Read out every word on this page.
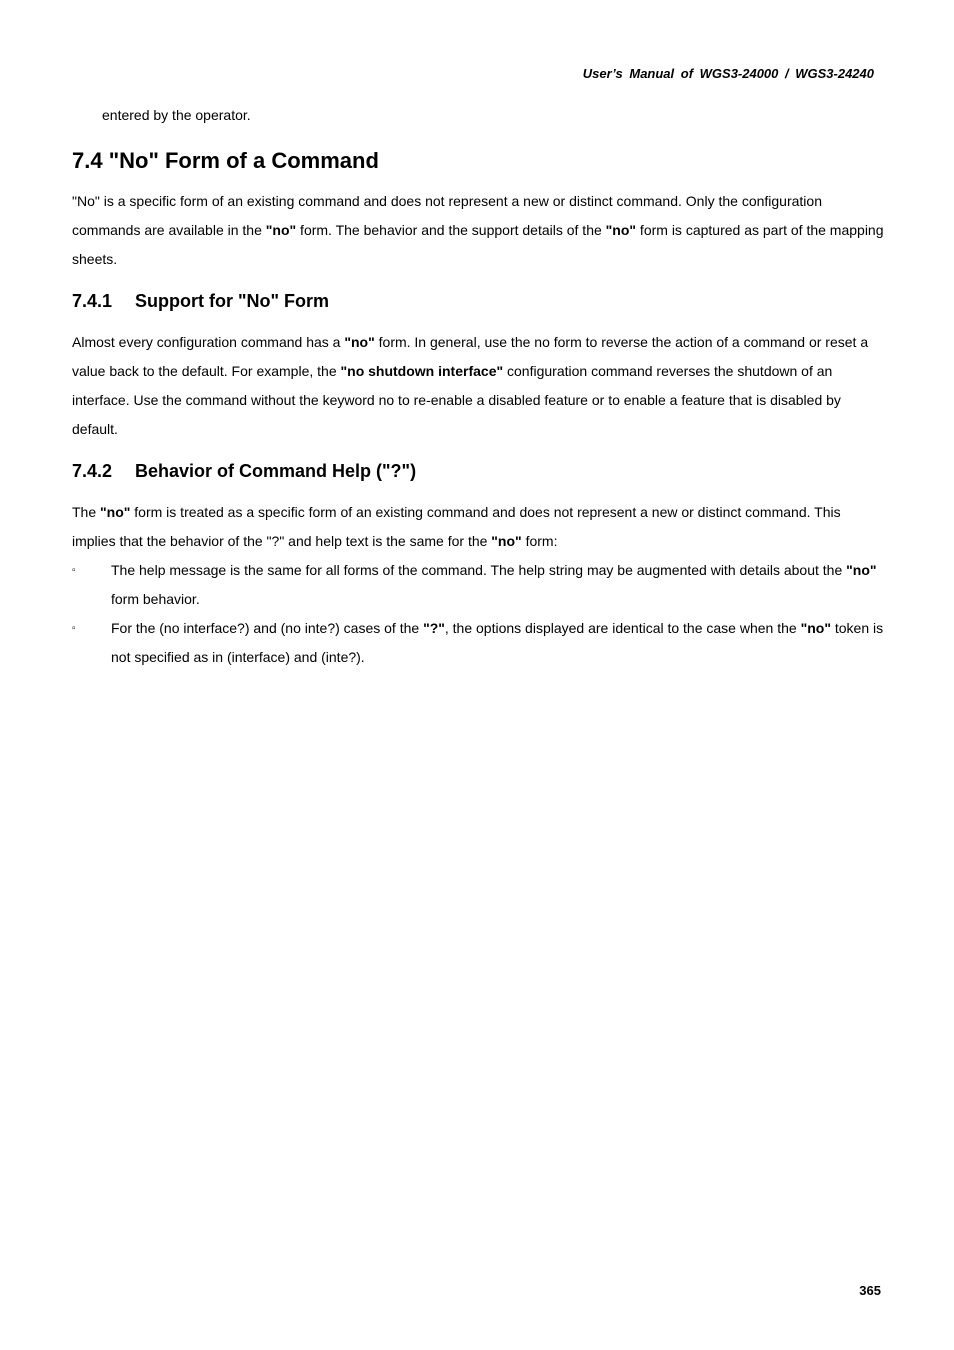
User’s Manual of WGS3-24000 / WGS3-24240

entered by the operator.

7.4 "No" Form of a Command

"No" is a specific form of an existing command and does not represent a new or distinct command. Only the configuration commands are available in the "no" form. The behavior and the support details of the "no" form is captured as part of the mapping sheets.

7.4.1 Support for "No" Form

Almost every configuration command has a "no" form. In general, use the no form to reverse the action of a command or reset a value back to the default. For example, the "no shutdown interface" configuration command reverses the shutdown of an interface. Use the command without the keyword no to re-enable a disabled feature or to enable a feature that is disabled by default.

7.4.2 Behavior of Command Help ("?")

The "no" form is treated as a specific form of an existing command and does not represent a new or distinct command. This implies that the behavior of the "?" and help text is the same for the "no" form:

▫	The help message is the same for all forms of the command. The help string may be augmented with details about the "no" form behavior.
▫	For the (no interface?) and (no inte?) cases of the "?", the options displayed are identical to the case when the "no" token is not specified as in (interface) and (inte?).
365
